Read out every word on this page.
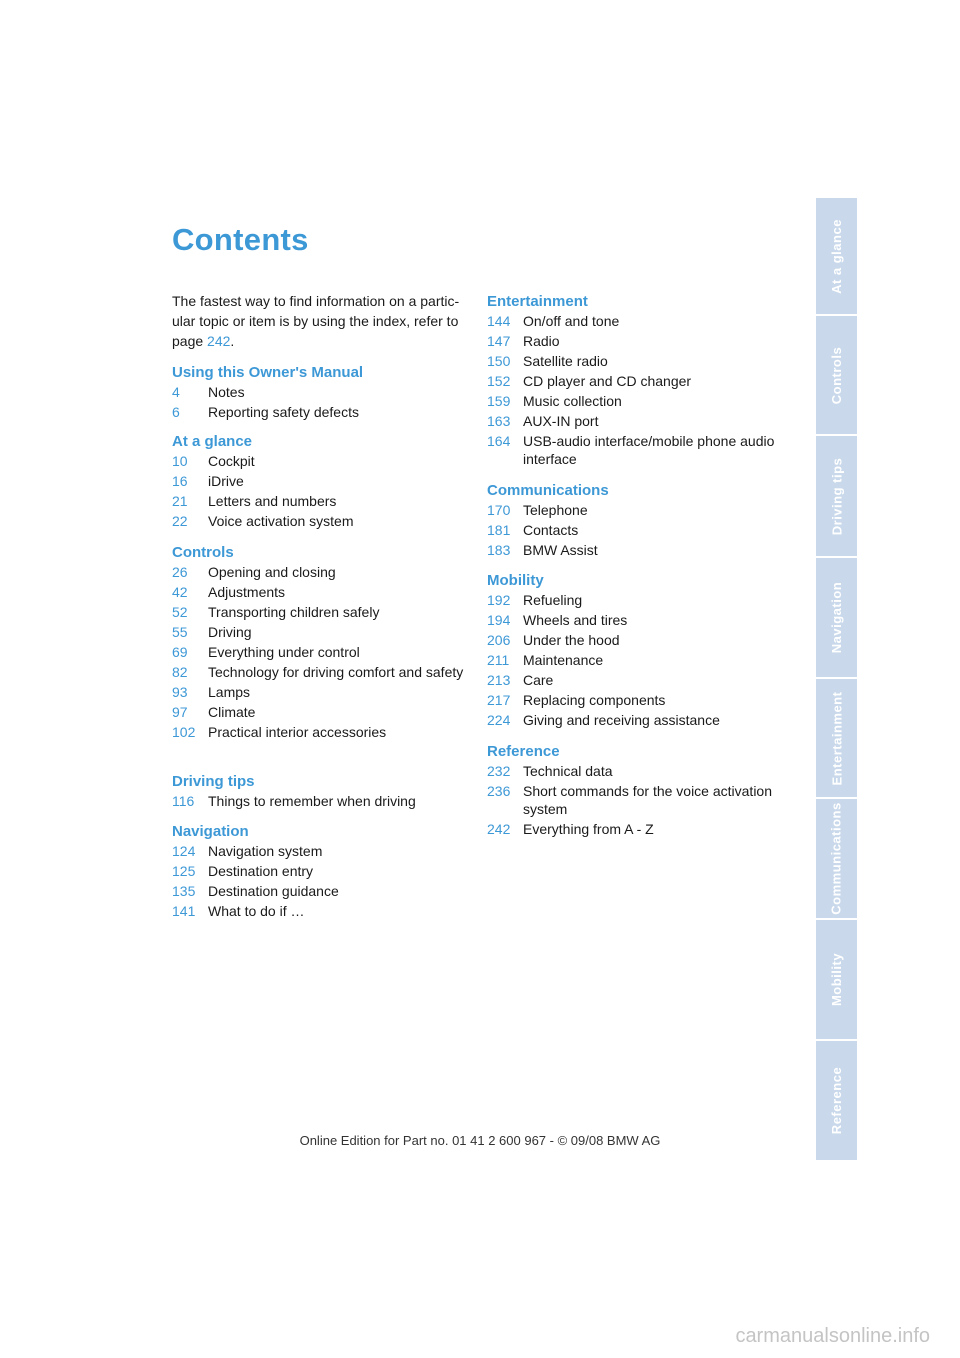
Contents

The fastest way to find information on a partic-
ular topic or item is by using the index, refer to
page 242.

Using this Owner's Manual
4	Notes
6	Reporting safety defects
At a glance
10	Cockpit
16	iDrive
21	Letters and numbers
22	Voice activation system
Controls
26	Opening and closing
42	Adjustments
52	Transporting children safely
55	Driving
69	Everything under control
82	Technology for driving comfort and safety
93	Lamps
97	Climate
102 Practical interior accessories
Driving tips
116 Things to remember when driving
Navigation
124 Navigation system
125 Destination entry
135 Destination guidance
141 What to do if …
Entertainment
144 On/off and tone
147 Radio
150 Satellite radio
152 CD player and CD changer
159 Music collection
163 AUX-IN port
164 USB-audio interface/mobile phone audio interface
Communications
170 Telephone
181 Contacts
183 BMW Assist
Mobility
192 Refueling
194 Wheels and tires
206 Under the hood
211 Maintenance
213 Care
217 Replacing components
224 Giving and receiving assistance
Reference
232 Technical data
236 Short commands for the voice activation system
242 Everything from A - Z
At a glance
Controls
Driving tips
Navigation
Entertainment
Communications
Mobility
Reference
Online Edition for Part no. 01 41 2 600 967 - © 09/08 BMW AG
carmanualsonline.info
